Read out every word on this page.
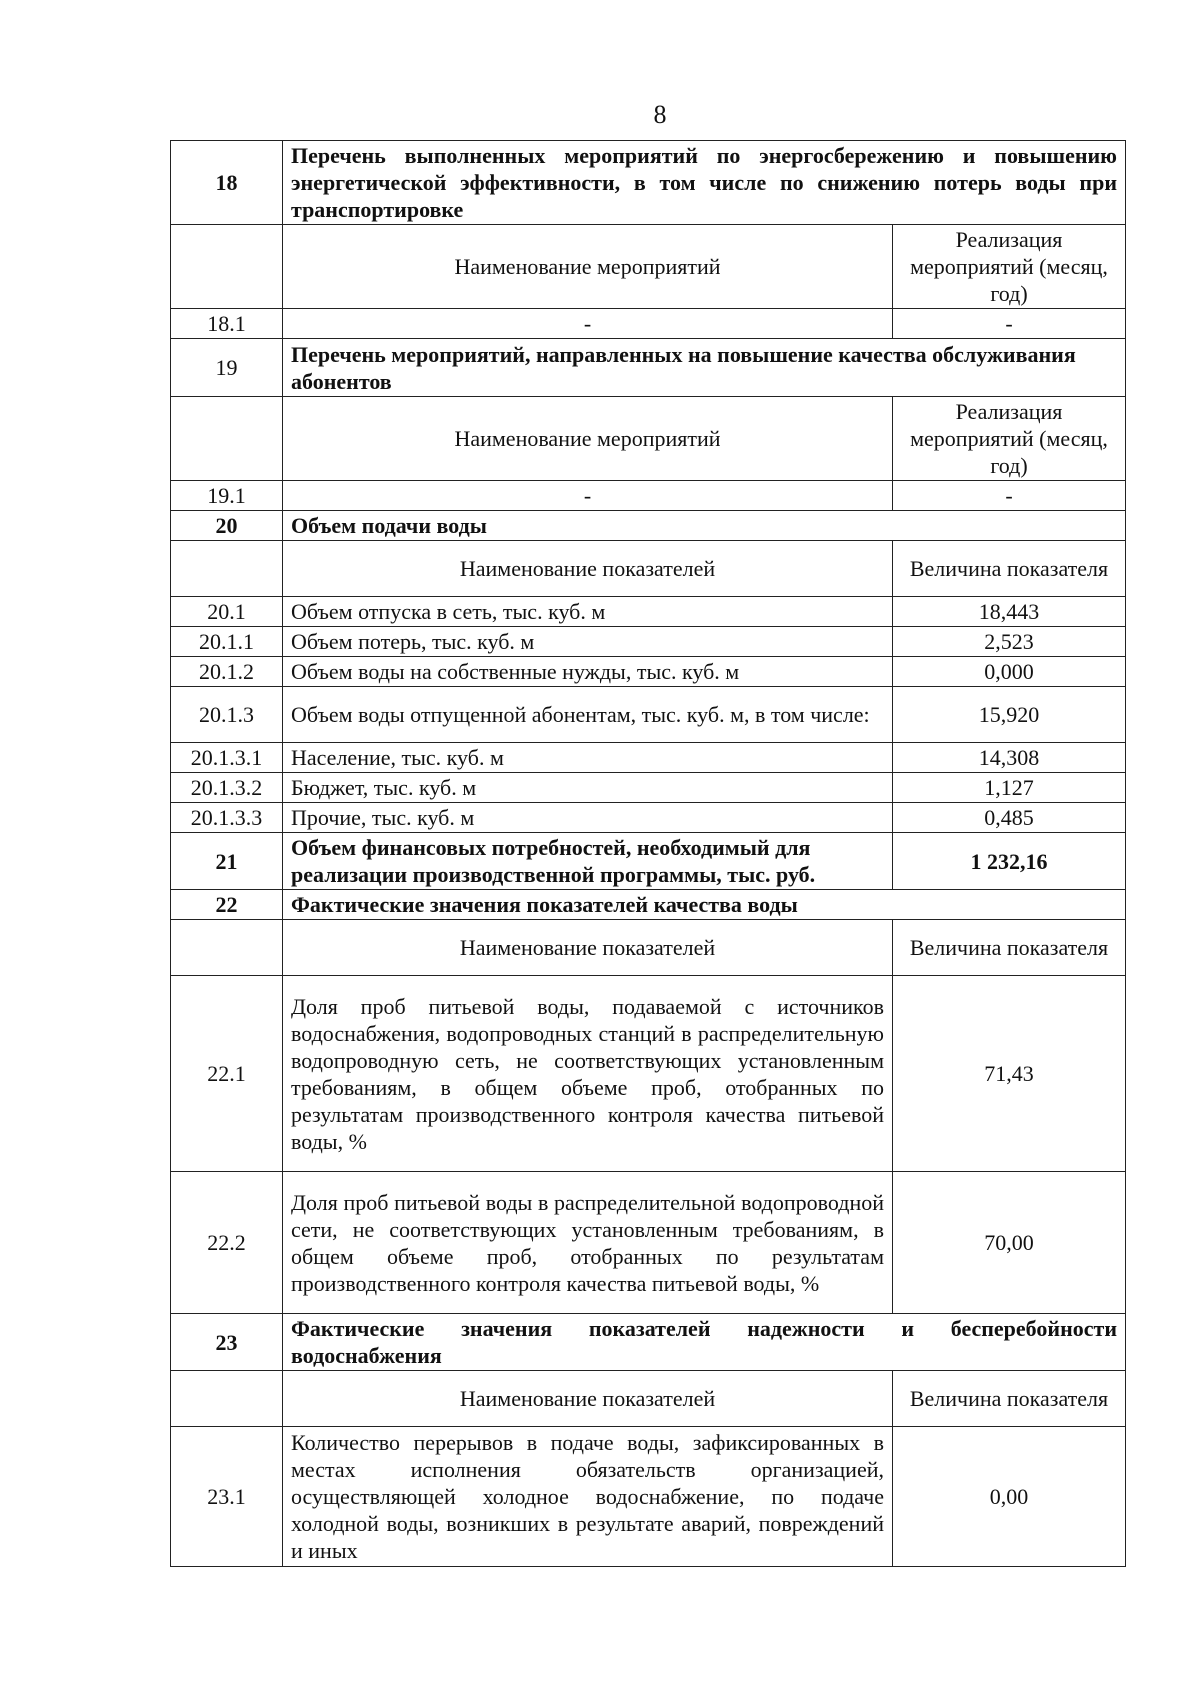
8
18	Перечень выполненных мероприятий по энергосбережению и повышению энергетической эффективности, в том числе по снижению потерь воды при транспортировке	
	Наименование мероприятий	Реализация мероприятий (месяц, год)
18.1	-	-
19	Перечень мероприятий, направленных на повышение качества обслуживания абонентов	
	Наименование мероприятий	Реализация мероприятий (месяц, год)
19.1	-	-
20	Объем подачи воды	
	Наименование показателей	Величина показателя
20.1	Объем отпуска в сеть, тыс. куб. м	18,443
20.1.1	Объем потерь, тыс. куб. м	2,523
20.1.2	Объем воды на собственные нужды, тыс. куб. м	0,000
20.1.3	Объем воды отпущенной абонентам, тыс. куб. м, в том числе:	15,920
20.1.3.1	Население, тыс. куб. м	14,308
20.1.3.2	Бюджет, тыс. куб. м	1,127
20.1.3.3	Прочие, тыс. куб. м	0,485
21	Объем финансовых потребностей, необходимый для реализации производственной программы, тыс. руб.	1 232,16
22	Фактические значения показателей качества воды	
	Наименование показателей	Величина показателя
22.1	Доля проб питьевой воды, подаваемой с источников водоснабжения, водопроводных станций в распределительную водопроводную сеть, не соответствующих установленным требованиям, в общем объеме проб, отобранных по результатам производственного контроля качества питьевой воды, %	71,43
22.2	Доля проб питьевой воды в распределительной водопроводной сети, не соответствующих установленным требованиям, в общем объеме проб, отобранных по результатам производственного контроля качества питьевой воды, %	70,00
23	Фактические значения показателей надежности и бесперебойности водоснабжения	
	Наименование показателей	Величина показателя
23.1	Количество перерывов в подаче воды, зафиксированных в местах исполнения обязательств организацией, осуществляющей холодное водоснабжение, по подаче холодной воды, возникших в результате аварий, повреждений и иных	0,00
